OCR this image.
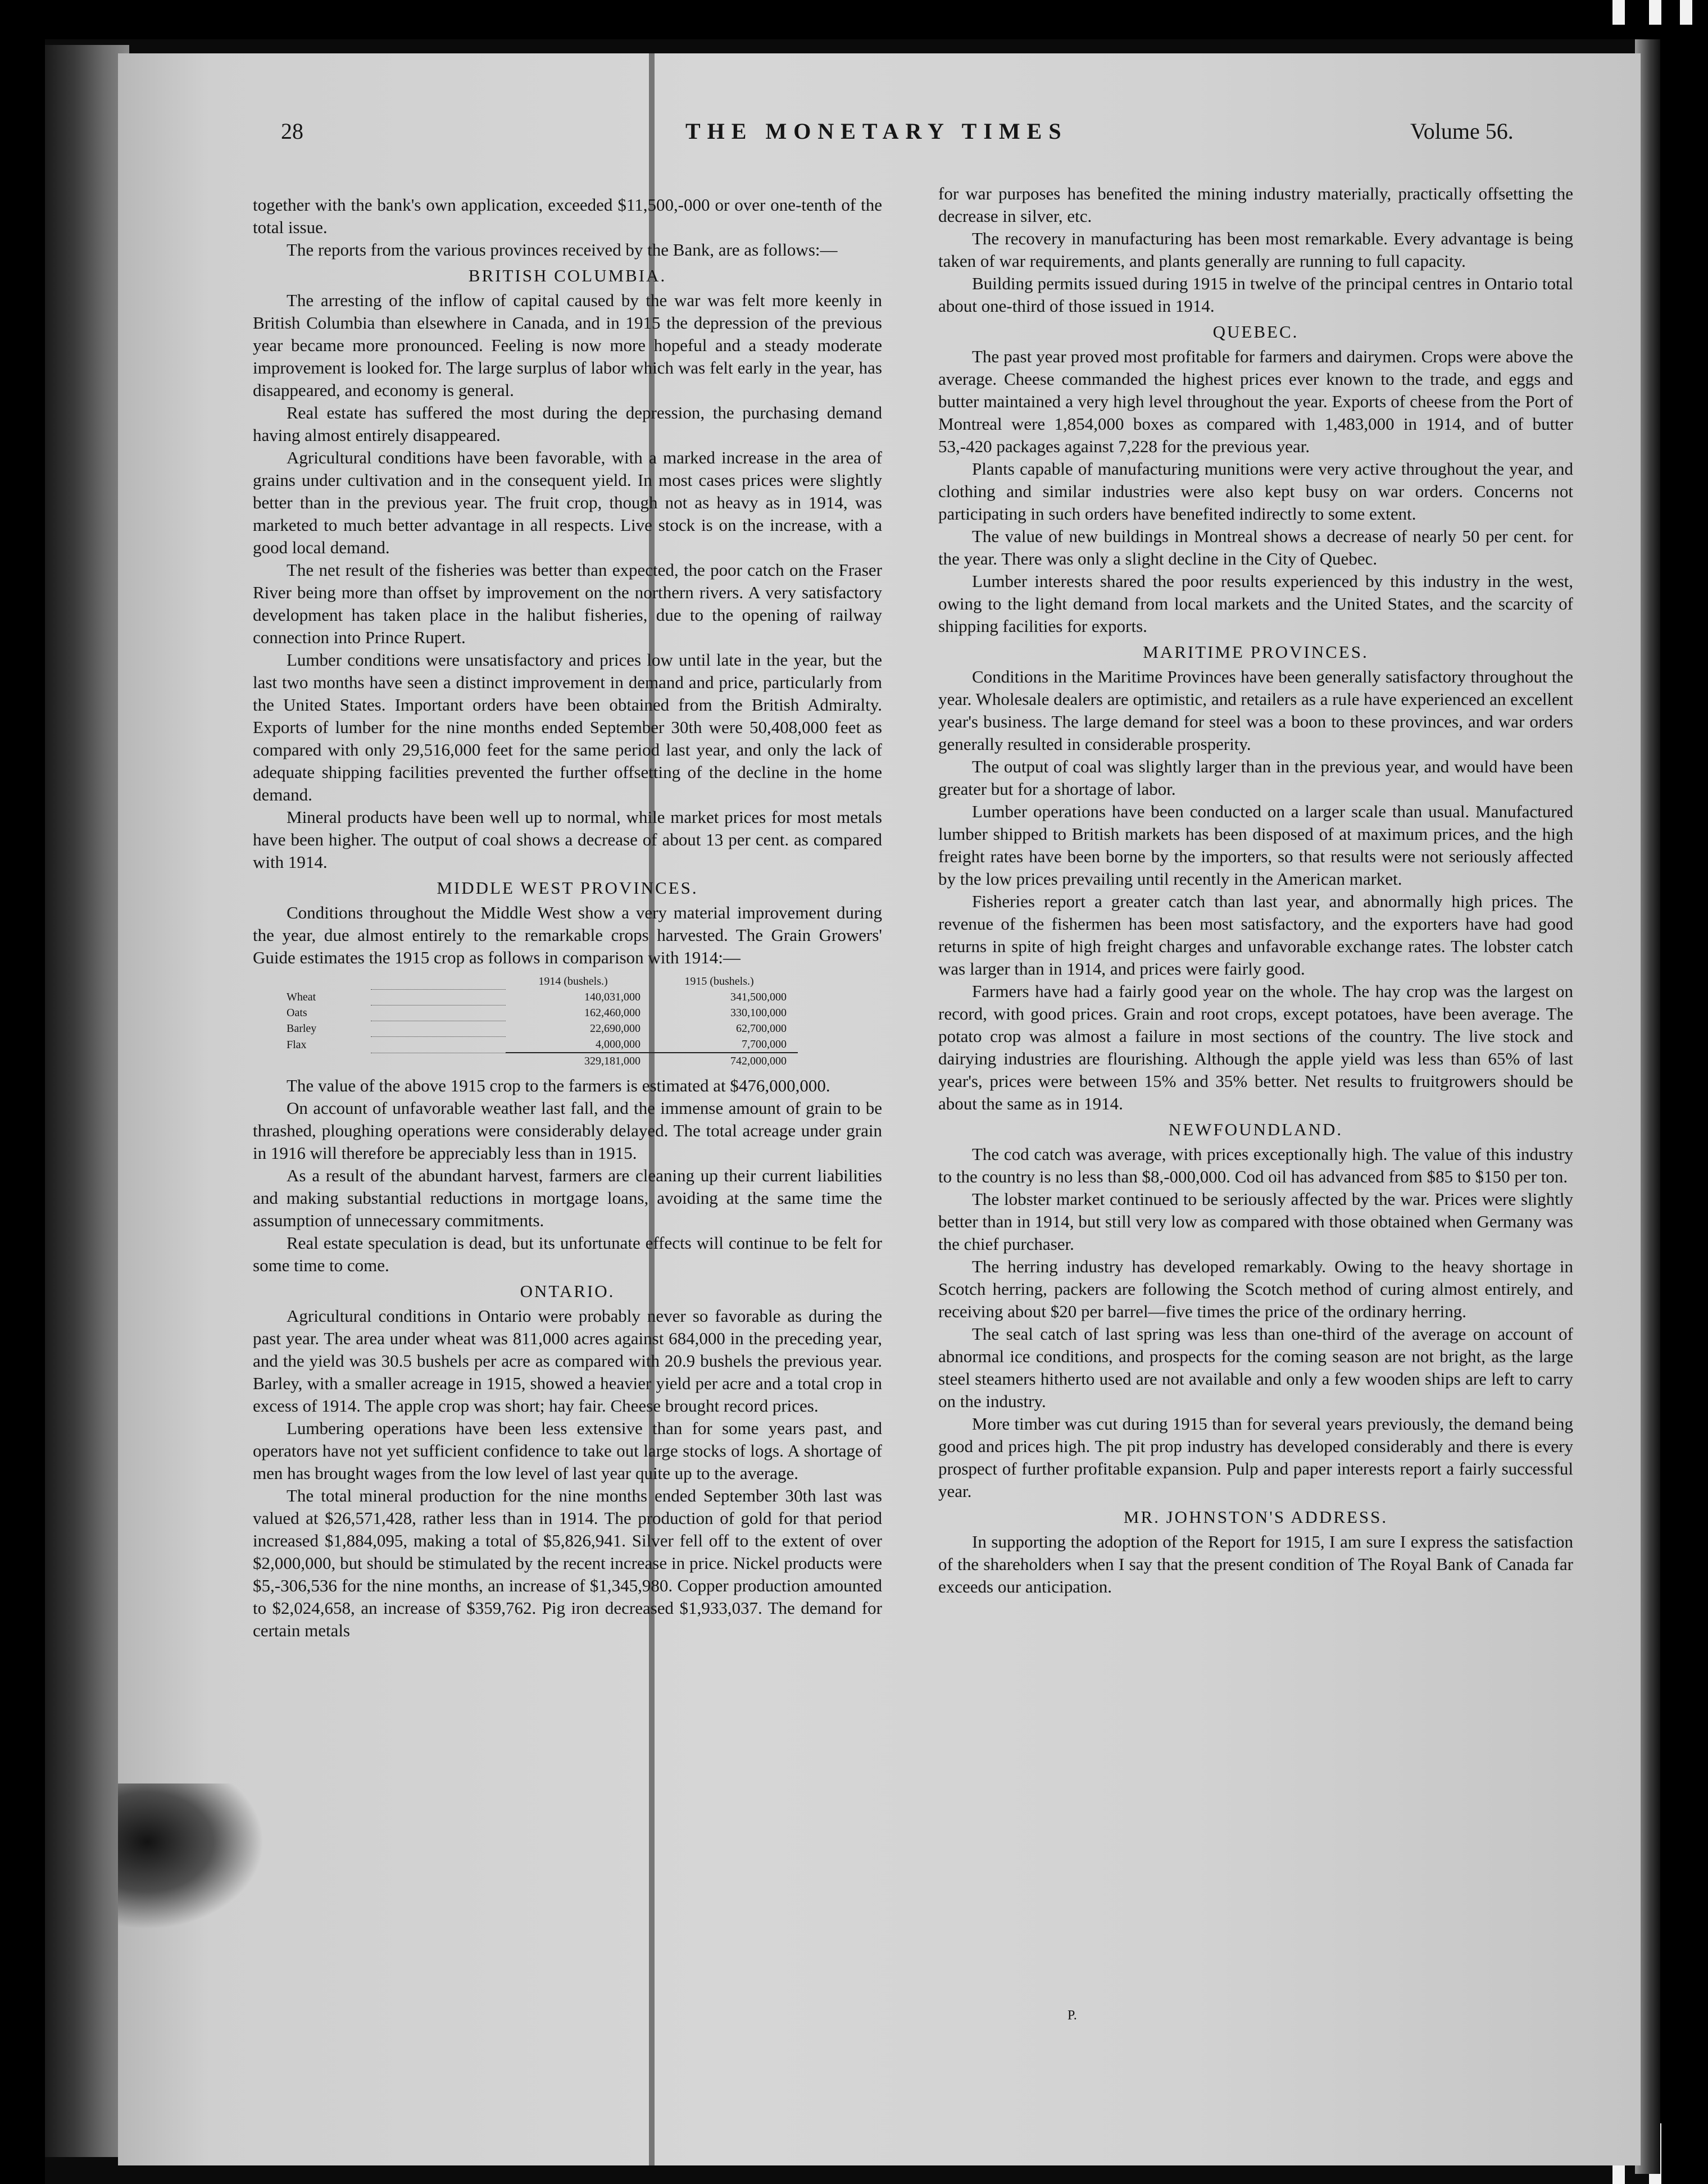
28	THE MONETARY TIMES	Volume 56.

together with the bank's own application, exceeded $11,500,-000 or over one-tenth of the total issue.

The reports from the various provinces received by the Bank, are as follows:—

BRITISH COLUMBIA.

The arresting of the inflow of capital caused by the war was felt more keenly in British Columbia than elsewhere in Canada, and in 1915 the depression of the previous year became more pronounced. Feeling is now more hopeful and a steady moderate improvement is looked for. The large surplus of labor which was felt early in the year, has disappeared, and economy is general.

Real estate has suffered the most during the depression, the purchasing demand having almost entirely disappeared.

Agricultural conditions have been favorable, with a marked increase in the area of grains under cultivation and in the consequent yield. In most cases prices were slightly better than in the previous year. The fruit crop, though not as heavy as in 1914, was marketed to much better advantage in all respects. Live stock is on the increase, with a good local demand.

The net result of the fisheries was better than expected, the poor catch on the Fraser River being more than offset by improvement on the northern rivers. A very satisfactory development has taken place in the halibut fisheries, due to the opening of railway connection into Prince Rupert.

Lumber conditions were unsatisfactory and prices low until late in the year, but the last two months have seen a distinct improvement in demand and price, particularly from the United States. Important orders have been obtained from the British Admiralty. Exports of lumber for the nine months ended September 30th were 50,408,000 feet as compared with only 29,516,000 feet for the same period last year, and only the lack of adequate shipping facilities prevented the further offsetting of the decline in the home demand.

Mineral products have been well up to normal, while market prices for most metals have been higher. The output of coal shows a decrease of about 13 per cent. as compared with 1914.

MIDDLE WEST PROVINCES.

Conditions throughout the Middle West show a very material improvement during the year, due almost entirely to the remarkable crops harvested. The Grain Growers' Guide estimates the 1915 crop as follows in comparison with 1914:—

		1914 (bushels.)	1915 (bushels.)
Wheat		140,031,000	341,500,000
Oats		162,460,000	330,100,000
Barley		22,690,000	62,700,000
Flax		4,000,000	7,700,000
		329,181,000	742,000,000

The value of the above 1915 crop to the farmers is estimated at $476,000,000.

On account of unfavorable weather last fall, and the immense amount of grain to be thrashed, ploughing operations were considerably delayed. The total acreage under grain in 1916 will therefore be appreciably less than in 1915.

As a result of the abundant harvest, farmers are cleaning up their current liabilities and making substantial reductions in mortgage loans, avoiding at the same time the assumption of unnecessary commitments.

Real estate speculation is dead, but its unfortunate effects will continue to be felt for some time to come.

ONTARIO.

Agricultural conditions in Ontario were probably never so favorable as during the past year. The area under wheat was 811,000 acres against 684,000 in the preceding year, and the yield was 30.5 bushels per acre as compared with 20.9 bushels the previous year. Barley, with a smaller acreage in 1915, showed a heavier yield per acre and a total crop in excess of 1914. The apple crop was short; hay fair. Cheese brought record prices.

Lumbering operations have been less extensive than for some years past, and operators have not yet sufficient confidence to take out large stocks of logs. A shortage of men has brought wages from the low level of last year quite up to the average.

The total mineral production for the nine months ended September 30th last was valued at $26,571,428, rather less than in 1914. The production of gold for that period increased $1,884,095, making a total of $5,826,941. Silver fell off to the extent of over $2,000,000, but should be stimulated by the recent increase in price. Nickel products were $5,-306,536 for the nine months, an increase of $1,345,980. Copper production amounted to $2,024,658, an increase of $359,762. Pig iron decreased $1,933,037. The demand for certain metals

for war purposes has benefited the mining industry materially, practically offsetting the decrease in silver, etc.

The recovery in manufacturing has been most remarkable. Every advantage is being taken of war requirements, and plants generally are running to full capacity.

Building permits issued during 1915 in twelve of the principal centres in Ontario total about one-third of those issued in 1914.

QUEBEC.

The past year proved most profitable for farmers and dairymen. Crops were above the average. Cheese commanded the highest prices ever known to the trade, and eggs and butter maintained a very high level throughout the year. Exports of cheese from the Port of Montreal were 1,854,000 boxes as compared with 1,483,000 in 1914, and of butter 53,-420 packages against 7,228 for the previous year.

Plants capable of manufacturing munitions were very active throughout the year, and clothing and similar industries were also kept busy on war orders. Concerns not participating in such orders have benefited indirectly to some extent.

The value of new buildings in Montreal shows a decrease of nearly 50 per cent. for the year. There was only a slight decline in the City of Quebec.

Lumber interests shared the poor results experienced by this industry in the west, owing to the light demand from local markets and the United States, and the scarcity of shipping facilities for exports.

MARITIME PROVINCES.

Conditions in the Maritime Provinces have been generally satisfactory throughout the year. Wholesale dealers are optimistic, and retailers as a rule have experienced an excellent year's business. The large demand for steel was a boon to these provinces, and war orders generally resulted in considerable prosperity.

The output of coal was slightly larger than in the previous year, and would have been greater but for a shortage of labor.

Lumber operations have been conducted on a larger scale than usual. Manufactured lumber shipped to British markets has been disposed of at maximum prices, and the high freight rates have been borne by the importers, so that results were not seriously affected by the low prices prevailing until recently in the American market.

Fisheries report a greater catch than last year, and abnormally high prices. The revenue of the fishermen has been most satisfactory, and the exporters have had good returns in spite of high freight charges and unfavorable exchange rates. The lobster catch was larger than in 1914, and prices were fairly good.

Farmers have had a fairly good year on the whole. The hay crop was the largest on record, with good prices. Grain and root crops, except potatoes, have been average. The potato crop was almost a failure in most sections of the country. The live stock and dairying industries are flourishing. Although the apple yield was less than 65% of last year's, prices were between 15% and 35% better. Net results to fruitgrowers should be about the same as in 1914.

NEWFOUNDLAND.

The cod catch was average, with prices exceptionally high. The value of this industry to the country is no less than $8,-000,000. Cod oil has advanced from $85 to $150 per ton.

The lobster market continued to be seriously affected by the war. Prices were slightly better than in 1914, but still very low as compared with those obtained when Germany was the chief purchaser.

The herring industry has developed remarkably. Owing to the heavy shortage in Scotch herring, packers are following the Scotch method of curing almost entirely, and receiving about $20 per barrel—five times the price of the ordinary herring.

The seal catch of last spring was less than one-third of the average on account of abnormal ice conditions, and prospects for the coming season are not bright, as the large steel steamers hitherto used are not available and only a few wooden ships are left to carry on the industry.

More timber was cut during 1915 than for several years previously, the demand being good and prices high. The pit prop industry has developed considerably and there is every prospect of further profitable expansion. Pulp and paper interests report a fairly successful year.

MR. JOHNSTON'S ADDRESS.

In supporting the adoption of the Report for 1915, I am sure I express the satisfaction of the shareholders when I say that the present condition of The Royal Bank of Canada far exceeds our anticipation.

P.
